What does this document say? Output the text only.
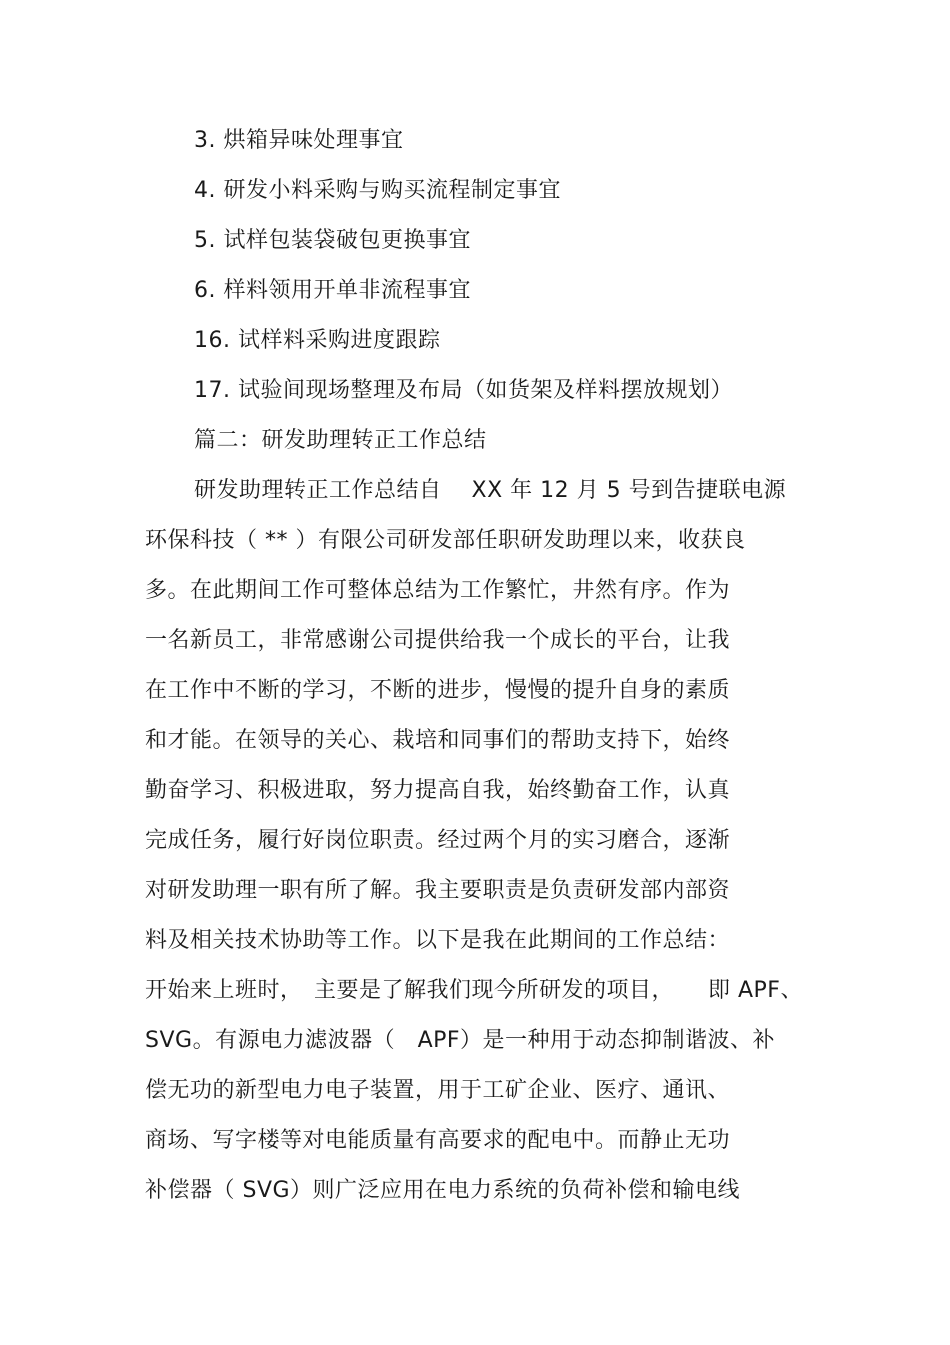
3. 烘箱异味处理事宜
4. 研发小料采购与购买流程制定事宜
5. 试样包装袋破包更换事宜
6. 样料领用开单非流程事宜
16. 试样料采购进度跟踪
17. 试验间现场整理及布局（如货架及样料摆放规划）
篇二：研发助理转正工作总结
研发助理转正工作总结自　 XX 年 12 月 5 号到告捷联电源
环保科技（ ** ）有限公司研发部任职研发助理以来，收获良
多。在此期间工作可整体总结为工作繁忙，井然有序。作为
一名新员工，非常感谢公司提供给我一个成长的平台，让我
在工作中不断的学习，不断的进步，慢慢的提升自身的素质
和才能。在领导的关心、栽培和同事们的帮助支持下，始终
勤奋学习、积极进取，努力提高自我，始终勤奋工作，认真
完成任务，履行好岗位职责。经过两个月的实习磨合，逐渐
对研发助理一职有所了解。我主要职责是负责研发部内部资
料及相关技术协助等工作。以下是我在此期间的工作总结：
开始来上班时，　主要是了解我们现今所研发的项目，　　即 APF、
SVG。有源电力滤波器（　APF）是一种用于动态抑制谐波、补
偿无功的新型电力电子装置，用于工矿企业、医疗、通讯、
商场、写字楼等对电能质量有高要求的配电中。而静止无功
补偿器（ SVG）则广泛应用在电力系统的负荷补偿和输电线
